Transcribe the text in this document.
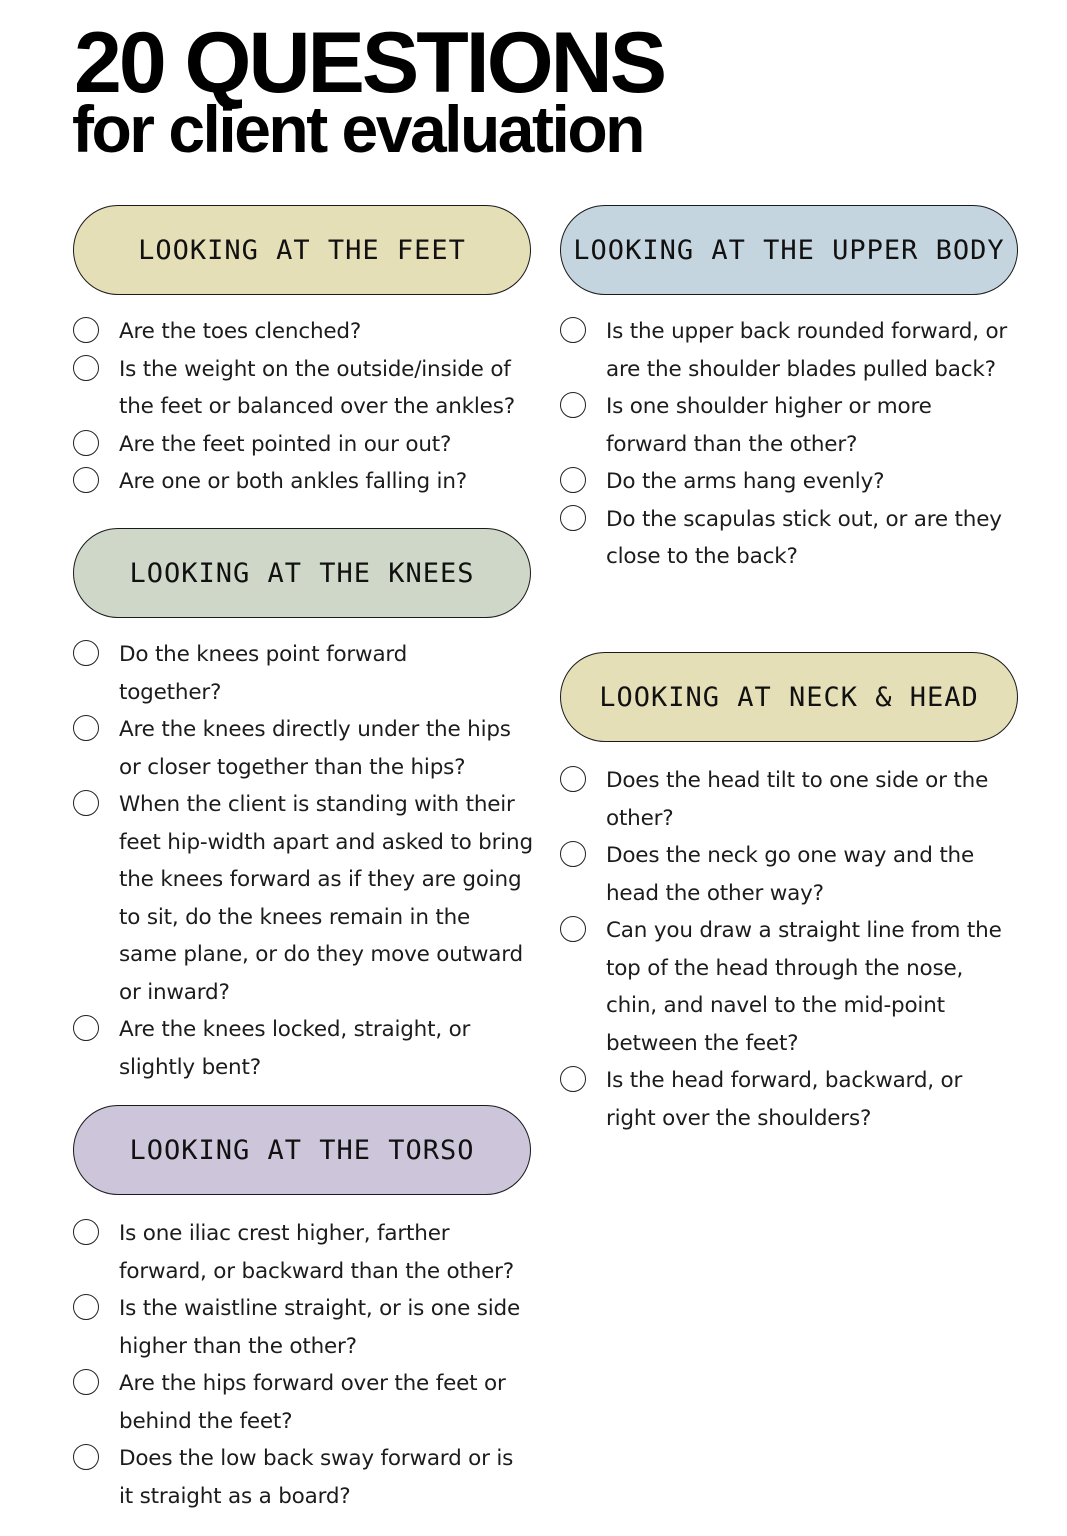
20 QUESTIONS
for client evaluation
LOOKING AT THE FEET
Are the toes clenched?
Is the weight on the outside/inside of the feet or balanced over the ankles?
Are the feet pointed in our out?
Are one or both ankles falling in?
LOOKING AT THE KNEES
Do the knees point forward together?
Are the knees directly under the hips or closer together than the hips?
When the client is standing with their feet hip-width apart and asked to bring the knees forward as if they are going to sit, do the knees remain in the same plane, or do they move outward or inward?
Are the knees locked, straight, or slightly bent?
LOOKING AT THE TORSO
Is one iliac crest higher, farther forward, or backward than the other?
Is the waistline straight, or is one side higher than the other?
Are the hips forward over the feet or behind the feet?
Does the low back sway forward or is it straight as a board?
LOOKING AT THE UPPER BODY
Is the upper back rounded forward, or are the shoulder blades pulled back?
Is one shoulder higher or more forward than the other?
Do the arms hang evenly?
Do the scapulas stick out, or are they close to the back?
LOOKING AT NECK & HEAD
Does the head tilt to one side or the other?
Does the neck go one way and the head the other way?
Can you draw a straight line from the top of the head through the nose, chin, and navel to the mid-point between the feet?
Is the head forward, backward, or right over the shoulders?
